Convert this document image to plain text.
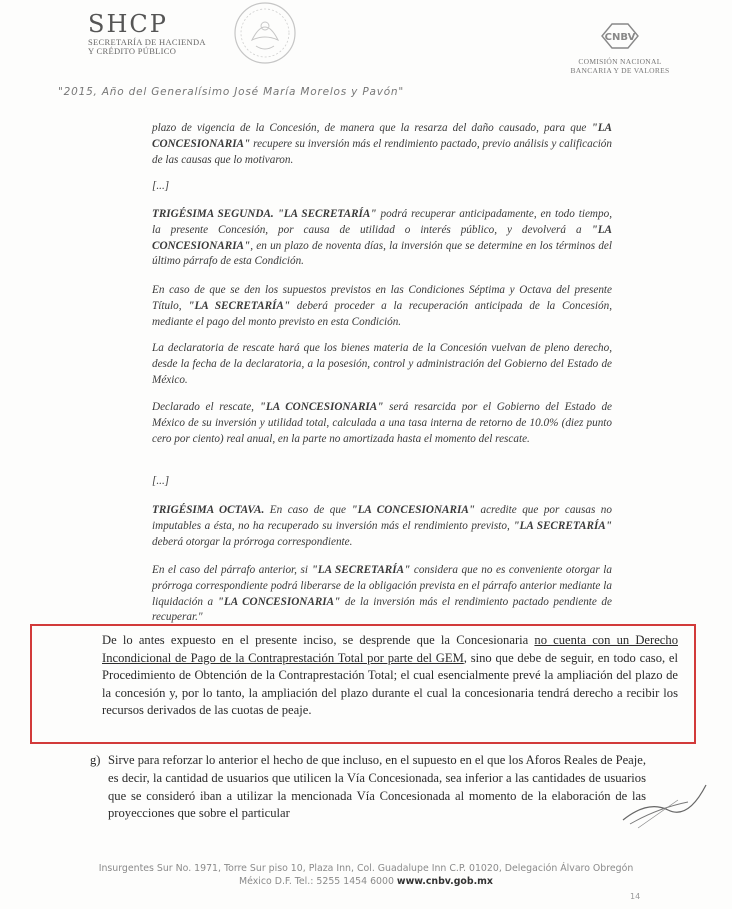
SHCP
SECRETARÍA DE HACIENDA
Y CRÉDITO PÚBLICO
CNBV
COMISIÓN NACIONAL
BANCARIA Y DE VALORES
"2015, Año del Generalísimo José María Morelos y Pavón"

plazo de vigencia de la Concesión, de manera que la resarza del daño causado, para que "LA CONCESIONARIA" recupere su inversión más el rendimiento pactado, previo análisis y calificación de las causas que lo motivaron.

[...]

TRIGÉSIMA SEGUNDA. "LA SECRETARÍA" podrá recuperar anticipadamente, en todo tiempo, la presente Concesión, por causa de utilidad o interés público, y devolverá a "LA CONCESIONARIA", en un plazo de noventa días, la inversión que se determine en los términos del último párrafo de esta Condición.

En caso de que se den los supuestos previstos en las Condiciones Séptima y Octava del presente Título, "LA SECRETARÍA" deberá proceder a la recuperación anticipada de la Concesión, mediante el pago del monto previsto en esta Condición.

La declaratoria de rescate hará que los bienes materia de la Concesión vuelvan de pleno derecho, desde la fecha de la declaratoria, a la posesión, control y administración del Gobierno del Estado de México.

Declarado el rescate, "LA CONCESIONARIA" será resarcida por el Gobierno del Estado de México de su inversión y utilidad total, calculada a una tasa interna de retorno de 10.0% (diez punto cero por ciento) real anual, en la parte no amortizada hasta el momento del rescate.

[...]

TRIGÉSIMA OCTAVA. En caso de que "LA CONCESIONARIA" acredite que por causas no imputables a ésta, no ha recuperado su inversión más el rendimiento previsto, "LA SECRETARÍA" deberá otorgar la prórroga correspondiente.

En el caso del párrafo anterior, si "LA SECRETARÍA" considera que no es conveniente otorgar la prórroga correspondiente podrá liberarse de la obligación prevista en el párrafo anterior mediante la liquidación a "LA CONCESIONARIA" de la inversión más el rendimiento pactado pendiente de recuperar."

De lo antes expuesto en el presente inciso, se desprende que la Concesionaria no cuenta con un Derecho Incondicional de Pago de la Contraprestación Total por parte del GEM, sino que debe de seguir, en todo caso, el Procedimiento de Obtención de la Contraprestación Total; el cual esencialmente prevé la ampliación del plazo de la concesión y, por lo tanto, la ampliación del plazo durante el cual la concesionaria tendrá derecho a recibir los recursos derivados de las cuotas de peaje.
g) Sirve para reforzar lo anterior el hecho de que incluso, en el supuesto en el que los Aforos Reales de Peaje, es decir, la cantidad de usuarios que utilicen la Vía Concesionada, sea inferior a las cantidades de usuarios que se consideró iban a utilizar la mencionada Vía Concesionada al momento de la elaboración de las proyecciones que sobre el particular
Insurgentes Sur No. 1971, Torre Sur piso 10, Plaza Inn, Col. Guadalupe Inn C.P. 01020, Delegación Álvaro Obregón
México D.F. Tel.: 5255 1454 6000 www.cnbv.gob.mx
14
